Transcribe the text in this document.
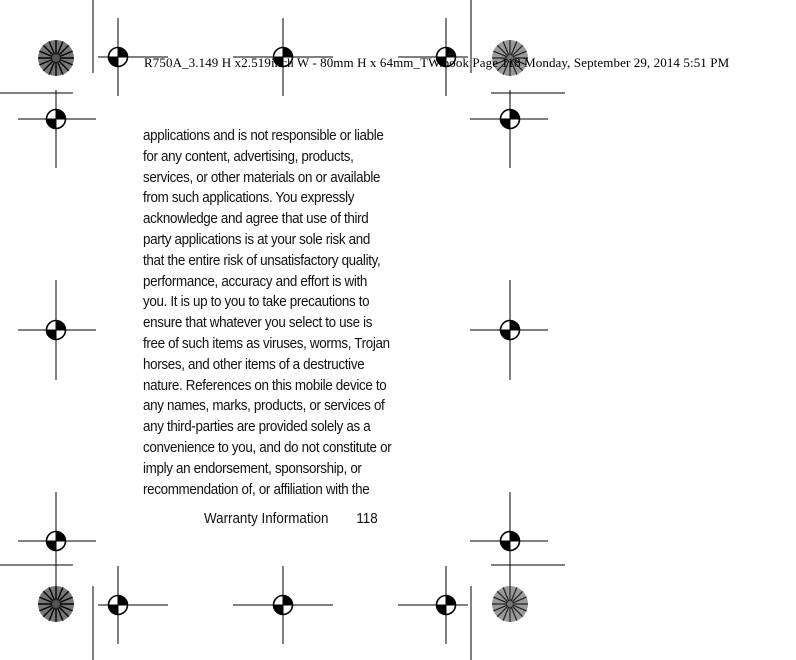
R750A_3.149 H x2.519inch W - 80mm H x 64mm_TW.book Page 118 Monday, September 29, 2014 5:51 PM
applications and is not responsible or liable
for any content, advertising, products,
services, or other materials on or available
from such applications. You expressly
acknowledge and agree that use of third
party applications is at your sole risk and
that the entire risk of unsatisfactory quality,
performance, accuracy and effort is with
you. It is up to you to take precautions to
ensure that whatever you select to use is
free of such items as viruses, worms, Trojan
horses, and other items of a destructive
nature. References on this mobile device to
any names, marks, products, or services of
any third-parties are provided solely as a
convenience to you, and do not constitute or
imply an endorsement, sponsorship, or
recommendation of, or affiliation with the
Warranty Information 118
